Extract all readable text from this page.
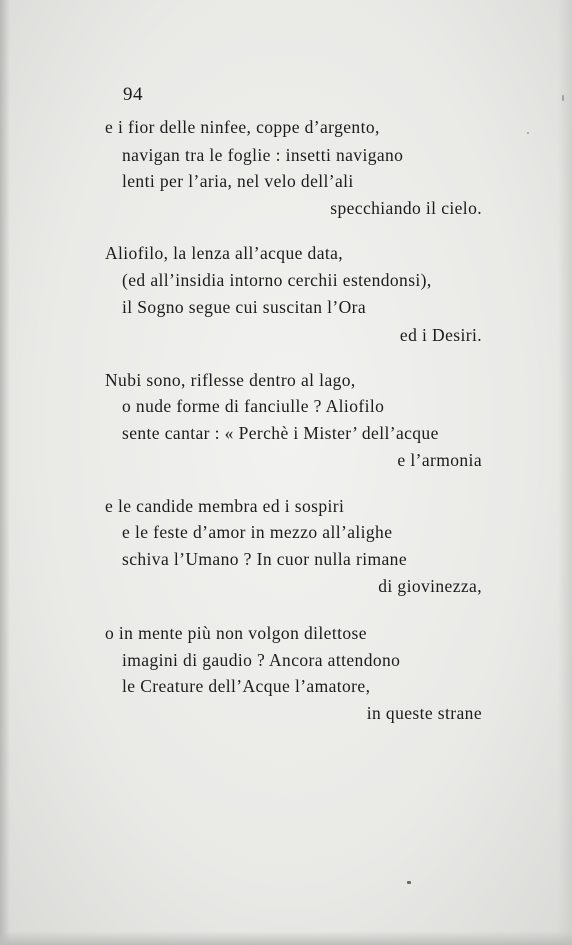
94
e i fior delle ninfee, coppe d’argento,
navigan tra le foglie : insetti navigano
lenti per l’aria, nel velo dell’ali
specchiando il cielo.
Aliofilo, la lenza all’acque data,
(ed all’insidia intorno cerchii estendonsi),
il Sogno segue cui suscitan l’Ora
ed i Desiri.
Nubi sono, riflesse dentro al lago,
o nude forme di fanciulle ? Aliofilo
sente cantar : « Perchè i Mister’ dell’acque
e l’armonia
e le candide membra ed i sospiri
e le feste d’amor in mezzo all’alighe
schiva l’Umano ? In cuor nulla rimane
di giovinezza,
o in mente più non volgon dilettose
imagini di gaudio ? Ancora attendono
le Creature dell’Acque l’amatore,
in queste strane
